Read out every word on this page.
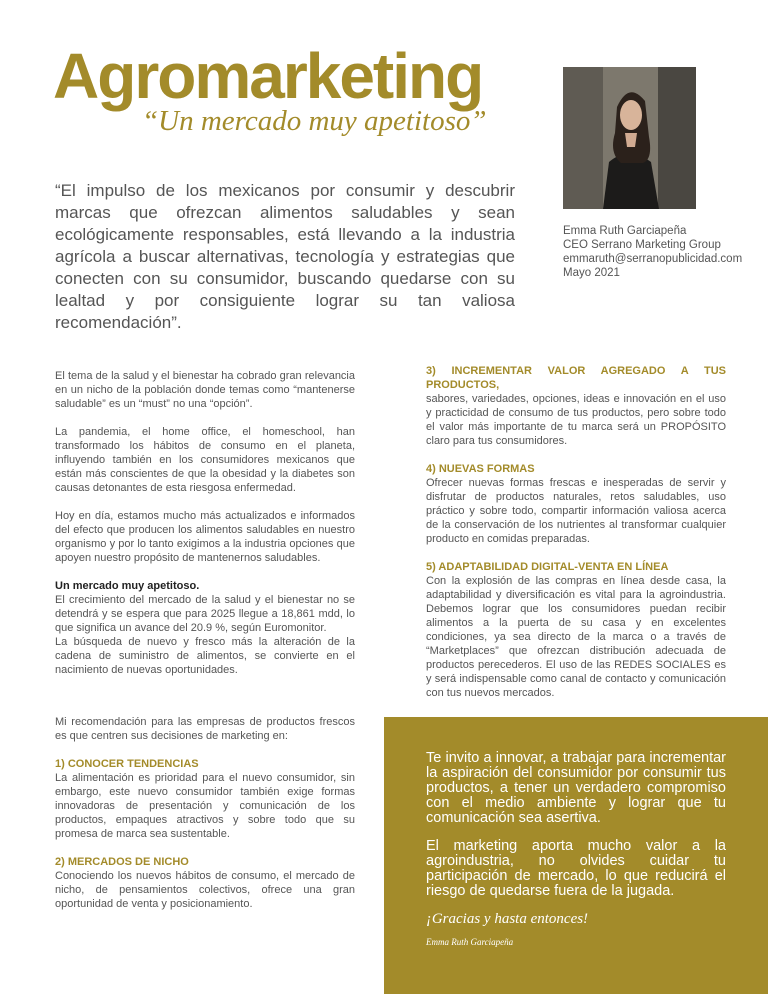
Agromarketing
“Un mercado muy apetitoso”

“El impulso de los mexicanos por consumir y descubrir marcas que ofrezcan alimentos saludables y sean ecológicamente responsables, está llevando a la industria agrícola a buscar alternativas, tecnología y estrategias que conecten con su consumidor, buscando quedarse con su lealtad y por consiguiente lograr su tan valiosa recomendación”.

Emma Ruth Garciapeña
CEO Serrano Marketing Group
emmaruth@serranopublicidad.com
Mayo 2021

El tema de la salud y el bienestar ha cobrado gran relevancia en un nicho de la población donde temas como “mantenerse saludable” es un “must” no una “opción”.

La pandemia, el home office, el homeschool, han transformado los hábitos de consumo en el planeta, influyendo también en los consumidores mexicanos que están más conscientes de que la obesidad y la diabetes son causas detonantes de esta riesgosa enfermedad.

Hoy en día, estamos mucho más actualizados e informados del efecto que producen los alimentos saludables en nuestro organismo y por lo tanto exigimos a la industria opciones que apoyen nuestro propósito de mantenernos saludables.

Un mercado muy apetitoso.

El crecimiento del mercado de la salud y el bienestar no se detendrá y se espera que para 2025 llegue a 18,861 mdd, lo que significa un avance del 20.9 %, según Euromonitor.

La búsqueda de nuevo y fresco más la alteración de la cadena de suministro de alimentos, se convierte en el nacimiento de nuevas oportunidades.

3) INCREMENTAR VALOR AGREGADO A TUS PRODUCTOS,

sabores, variedades, opciones, ideas e innovación en el uso y practicidad de consumo de tus productos, pero sobre todo el valor más importante de tu marca será un PROPÓSITO claro para tus consumidores.

4) NUEVAS FORMAS

Ofrecer nuevas formas frescas e inesperadas de servir y disfrutar de productos naturales, retos saludables, uso práctico y sobre todo, compartir información valiosa acerca de la conservación de los nutrientes al transformar cualquier producto en comidas preparadas.

5) ADAPTABILIDAD DIGITAL-VENTA EN LÍNEA

Con la explosión de las compras en línea desde casa, la adaptabilidad y diversificación es vital para la agroindustria. Debemos lograr que los consumidores puedan recibir alimentos a la puerta de su casa y en excelentes condiciones, ya sea directo de la marca o a través de “Marketplaces” que ofrezcan distribución adecuada de productos perecederos. El uso de las REDES SOCIALES es y será indispensable como canal de contacto y comunicación con tus nuevos mercados.

Mi recomendación para las empresas de productos frescos es que centren sus decisiones de marketing en:

1) CONOCER TENDENCIAS

La alimentación es prioridad para el nuevo consumidor, sin embargo, este nuevo consumidor también exige formas innovadoras de presentación y comunicación de los productos, empaques atractivos y sobre todo que su promesa de marca sea sustentable.

2) MERCADOS DE NICHO

Conociendo los nuevos hábitos de consumo, el mercado de nicho, de pensamientos colectivos, ofrece una gran oportunidad de venta y posicionamiento.

Te invito a innovar, a trabajar para incrementar la aspiración del consumidor por consumir tus productos, a tener un verdadero compromiso con el medio ambiente y lograr que tu comunicación sea asertiva.

El marketing aporta mucho valor a la agroindustria, no olvides cuidar tu participación de mercado, lo que reducirá el riesgo de quedarse fuera de la jugada.

¡Gracias y hasta entonces!
Emma Ruth Garciapeña
